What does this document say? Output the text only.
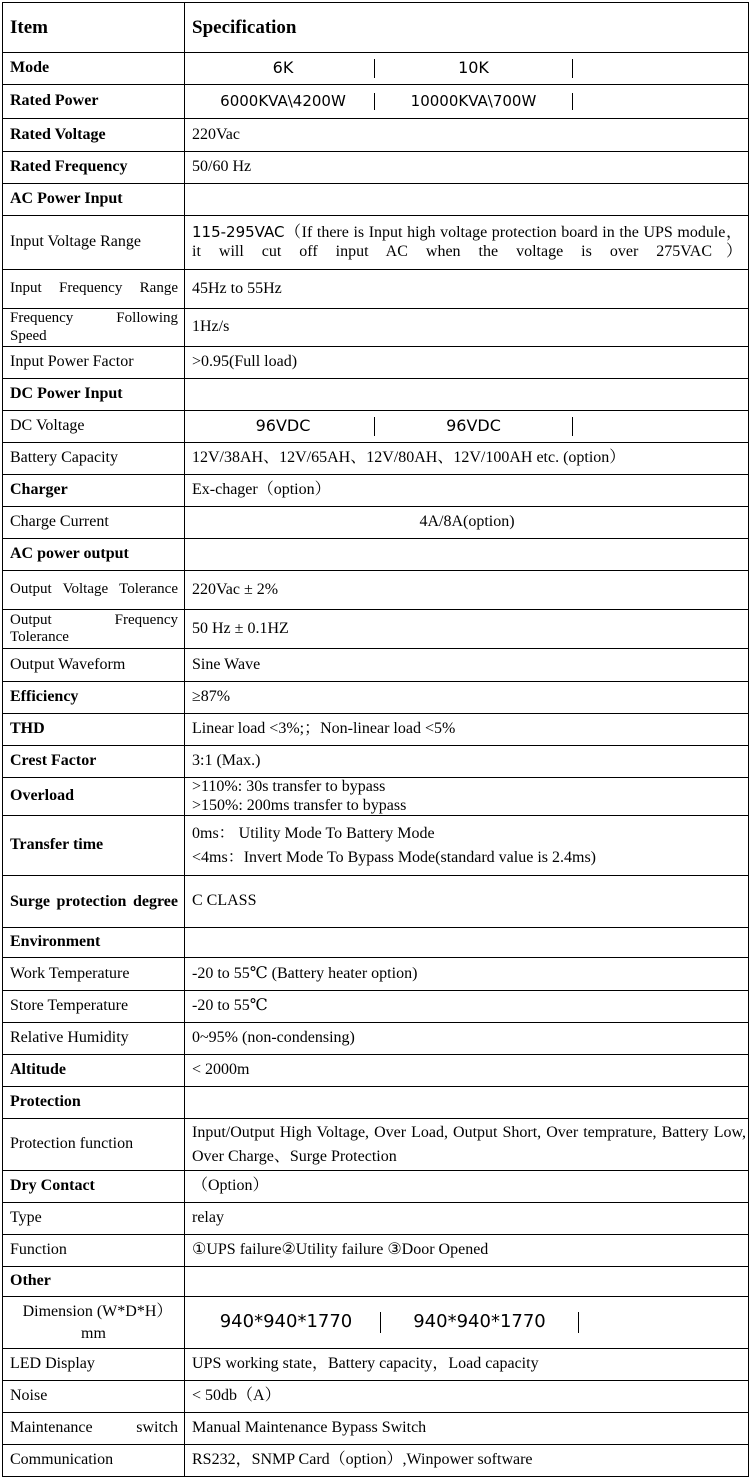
Item	Specification
Mode	6K 10K

Rated Power	6000KVA\4200W 10000KVA\700W

Rated Voltage	220Vac
Rated Frequency	50/60 Hz
AC Power Input	
Input Voltage Range	115-295VAC（If there is Input high voltage protection board in the UPS module，it will cut off input AC when the voltage is over 275VAC）

Input Frequency Range	45Hz to 55Hz

Frequency Following Speed	1Hz/s
Input Power Factor	>0.95(Full load)
DC Power Input	
DC Voltage	96VDC 96VDC

Battery Capacity	12V/38AH、12V/65AH、12V/80AH、12V/100AH etc. (option）
Charger	Ex-chager（option）
Charge Current	4A/8A(option)
AC power output	

Output Voltage Tolerance	220Vac ± 2%

Output Frequency Tolerance	50 Hz ± 0.1HZ
Output Waveform	Sine Wave
Efficiency	≥87%
THD	Linear load <3%;；Non-linear load <5%
Crest Factor	3:1 (Max.)
Overload	>110%: 30s transfer to bypass
>150%: 200ms transfer to bypass

Transfer time	0ms： Utility Mode To Battery Mode
<4ms：Invert Mode To Bypass Mode(standard value is 2.4ms)

Surge protection degree	C CLASS
Environment	
Work Temperature	-20 to 55℃ (Battery heater option)
Store Temperature	-20 to 55℃
Relative Humidity	0~95% (non-condensing)
Altitude	< 2000m
Protection	
Protection function	Input/Output High Voltage, Over Load, Output Short, Over temprature, Battery Low, Over Charge、Surge Protection
Dry Contact	（Option）
Type	relay
Function	①UPS failure②Utility failure ③Door Opened
Other	
Dimension (W*D*H）mm	940*940*1770 940*940*1770

LED Display	UPS working state，Battery capacity，Load capacity
Noise	< 50db（A）

Maintenance switch	Manual Maintenance Bypass Switch
Communication	RS232，SNMP Card（option）,Winpower software
